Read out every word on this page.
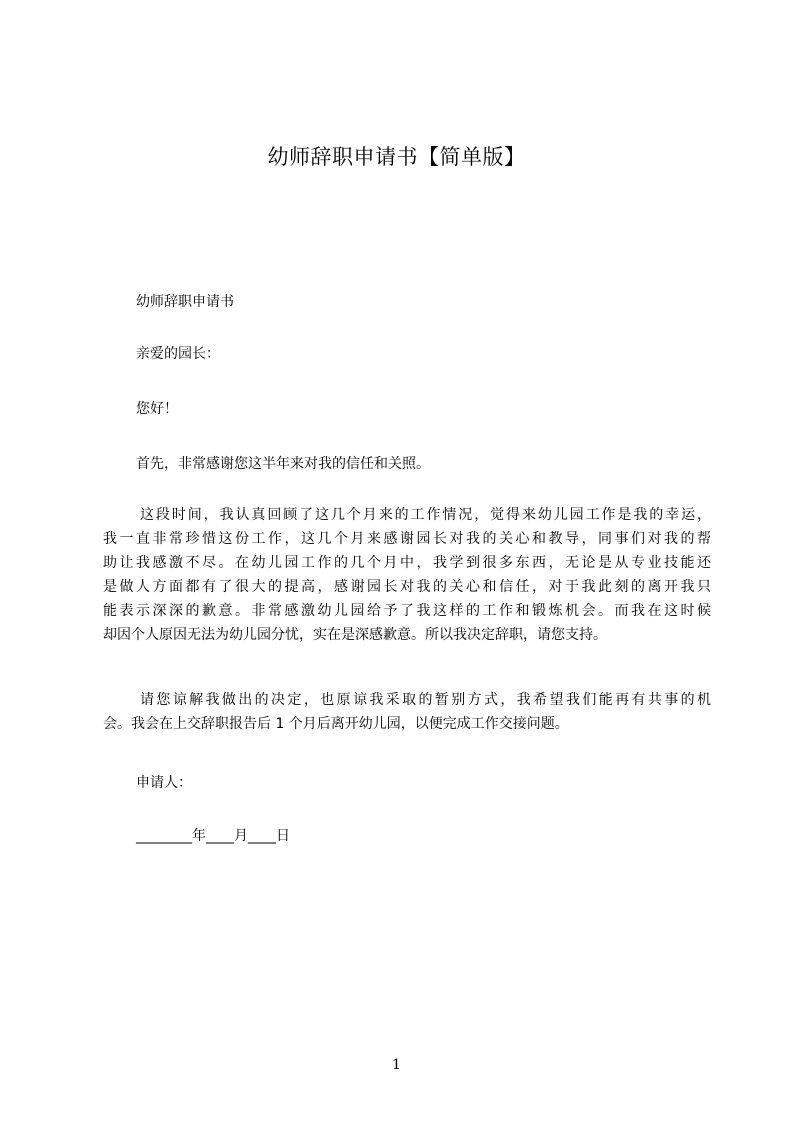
幼师辞职申请书【简单版】
幼师辞职申请书
亲爱的园长：
您好！
首先，非常感谢您这半年来对我的信任和关照。
这段时间，我认真回顾了这几个月来的工作情况，觉得来幼儿园工作是我的幸运，
我一直非常珍惜这份工作，这几个月来感谢园长对我的关心和教导，同事们对我的帮
助让我感激不尽。在幼儿园工作的几个月中，我学到很多东西，无论是从专业技能还
是做人方面都有了很大的提高，感谢园长对我的关心和信任，对于我此刻的离开我只
能表示深深的歉意。非常感激幼儿园给予了我这样的工作和锻炼机会。而我在这时候
却因个人原因无法为幼儿园分忧，实在是深感歉意。所以我决定辞职，请您支持。
请您谅解我做出的决定，也原谅我采取的暂别方式，我希望我们能再有共事的机
会。我会在上交辞职报告后 1 个月后离开幼儿园，以便完成工作交接问题。
申请人：
________年____月____日
1
